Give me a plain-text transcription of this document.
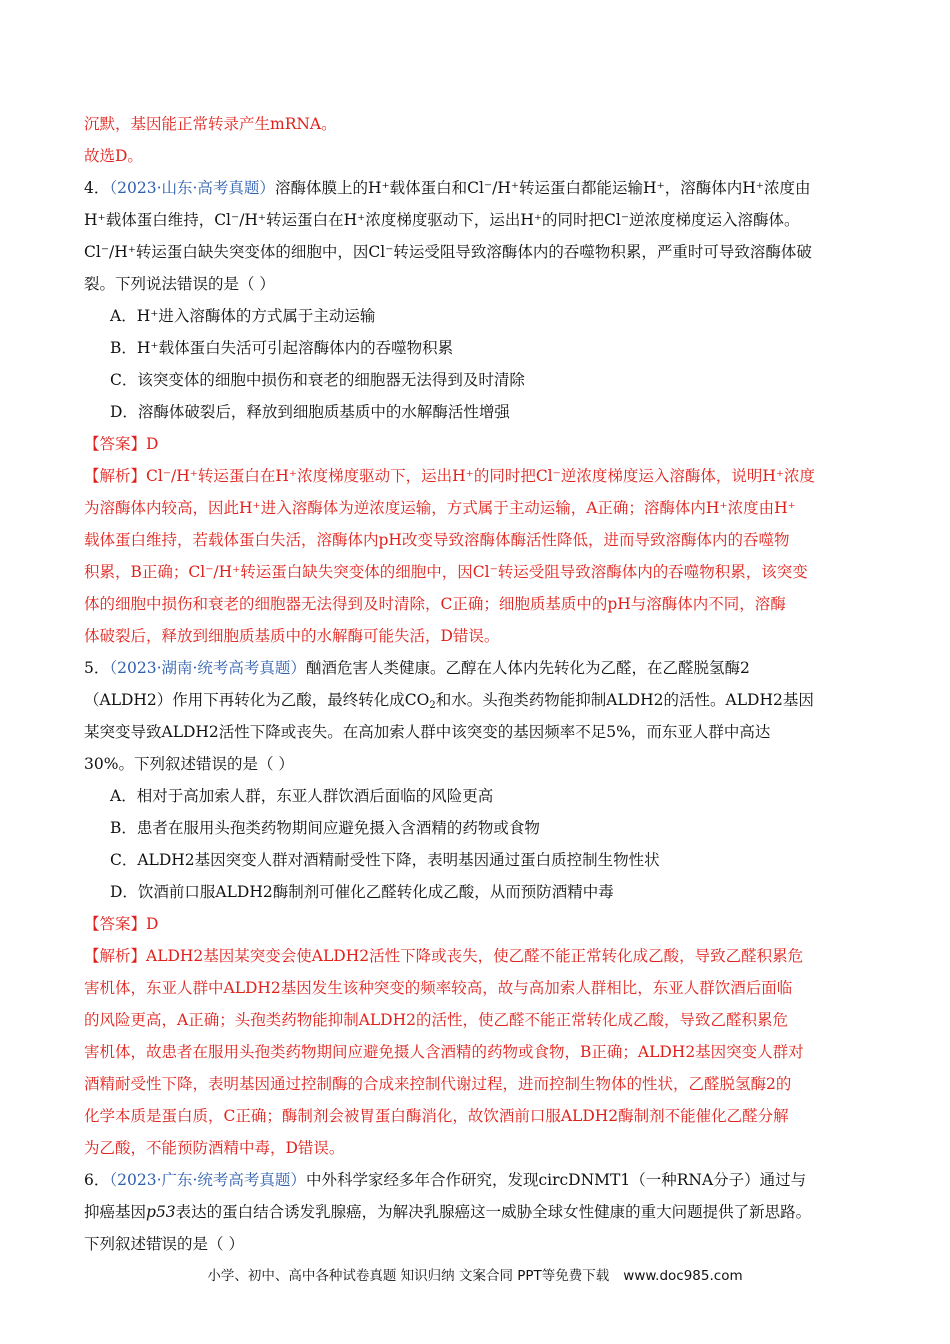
沉默，基因能正常转录产生mRNA。

故选D。

4．（2023·山东·高考真题）溶酶体膜上的H⁺载体蛋白和Cl⁻/H⁺转运蛋白都能运输H⁺，溶酶体内H⁺浓度由

H⁺载体蛋白维持，Cl⁻/H⁺转运蛋白在H⁺浓度梯度驱动下，运出H⁺的同时把Cl⁻逆浓度梯度运入溶酶体。

Cl⁻/H⁺转运蛋白缺失突变体的细胞中，因Cl⁻转运受阻导致溶酶体内的吞噬物积累，严重时可导致溶酶体破

裂。下列说法错误的是（ ）

A．H⁺进入溶酶体的方式属于主动运输

B．H⁺载体蛋白失活可引起溶酶体内的吞噬物积累

C．该突变体的细胞中损伤和衰老的细胞器无法得到及时清除

D．溶酶体破裂后，释放到细胞质基质中的水解酶活性增强

【答案】D

【解析】Cl⁻/H⁺转运蛋白在H⁺浓度梯度驱动下，运出H⁺的同时把Cl⁻逆浓度梯度运入溶酶体，说明H⁺浓度

为溶酶体内较高，因此H⁺进入溶酶体为逆浓度运输，方式属于主动运输，A正确；溶酶体内H⁺浓度由H⁺

载体蛋白维持，若载体蛋白失活，溶酶体内pH改变导致溶酶体酶活性降低，进而导致溶酶体内的吞噬物

积累，B正确；Cl⁻/H⁺转运蛋白缺失突变体的细胞中，因Cl⁻转运受阻导致溶酶体内的吞噬物积累，该突变

体的细胞中损伤和衰老的细胞器无法得到及时清除，C正确；细胞质基质中的pH与溶酶体内不同，溶酶

体破裂后，释放到细胞质基质中的水解酶可能失活，D错误。

5．（2023·湖南·统考高考真题）酗酒危害人类健康。乙醇在人体内先转化为乙醛，在乙醛脱氢酶2

（ALDH2）作用下再转化为乙酸，最终转化成$CO_2$和水。头孢类药物能抑制ALDH2的活性。ALDH2基因

某突变导致ALDH2活性下降或丧失。在高加索人群中该突变的基因频率不足5%，而东亚人群中高达

30%。下列叙述错误的是（ ）

A．相对于高加索人群，东亚人群饮酒后面临的风险更高

B．患者在服用头孢类药物期间应避免摄入含酒精的药物或食物

C．ALDH2基因突变人群对酒精耐受性下降，表明基因通过蛋白质控制生物性状

D．饮酒前口服ALDH2酶制剂可催化乙醛转化成乙酸，从而预防酒精中毒

【答案】D

【解析】ALDH2基因某突变会使ALDH2活性下降或丧失，使乙醛不能正常转化成乙酸，导致乙醛积累危

害机体，东亚人群中ALDH2基因发生该种突变的频率较高，故与高加索人群相比，东亚人群饮酒后面临

的风险更高，A正确；头孢类药物能抑制ALDH2的活性，使乙醛不能正常转化成乙酸，导致乙醛积累危

害机体，故患者在服用头孢类药物期间应避免摄人含酒精的药物或食物，B正确；ALDH2基因突变人群对

酒精耐受性下降，表明基因通过控制酶的合成来控制代谢过程，进而控制生物体的性状，乙醛脱氢酶2的

化学本质是蛋白质，C正确；酶制剂会被胃蛋白酶消化，故饮酒前口服ALDH2酶制剂不能催化乙醛分解

为乙酸，不能预防酒精中毒，D错误。

6．（2023·广东·统考高考真题）中外科学家经多年合作研究，发现circDNMT1（一种RNA分子）通过与

抑癌基因p53表达的蛋白结合诱发乳腺癌，为解决乳腺癌这一威胁全球女性健康的重大问题提供了新思路。

下列叙述· · 错误的是（ ）

小学、初中、高中各种试卷真题 知识归纳 文案合同 PPT等免费下载 www.doc985.com
